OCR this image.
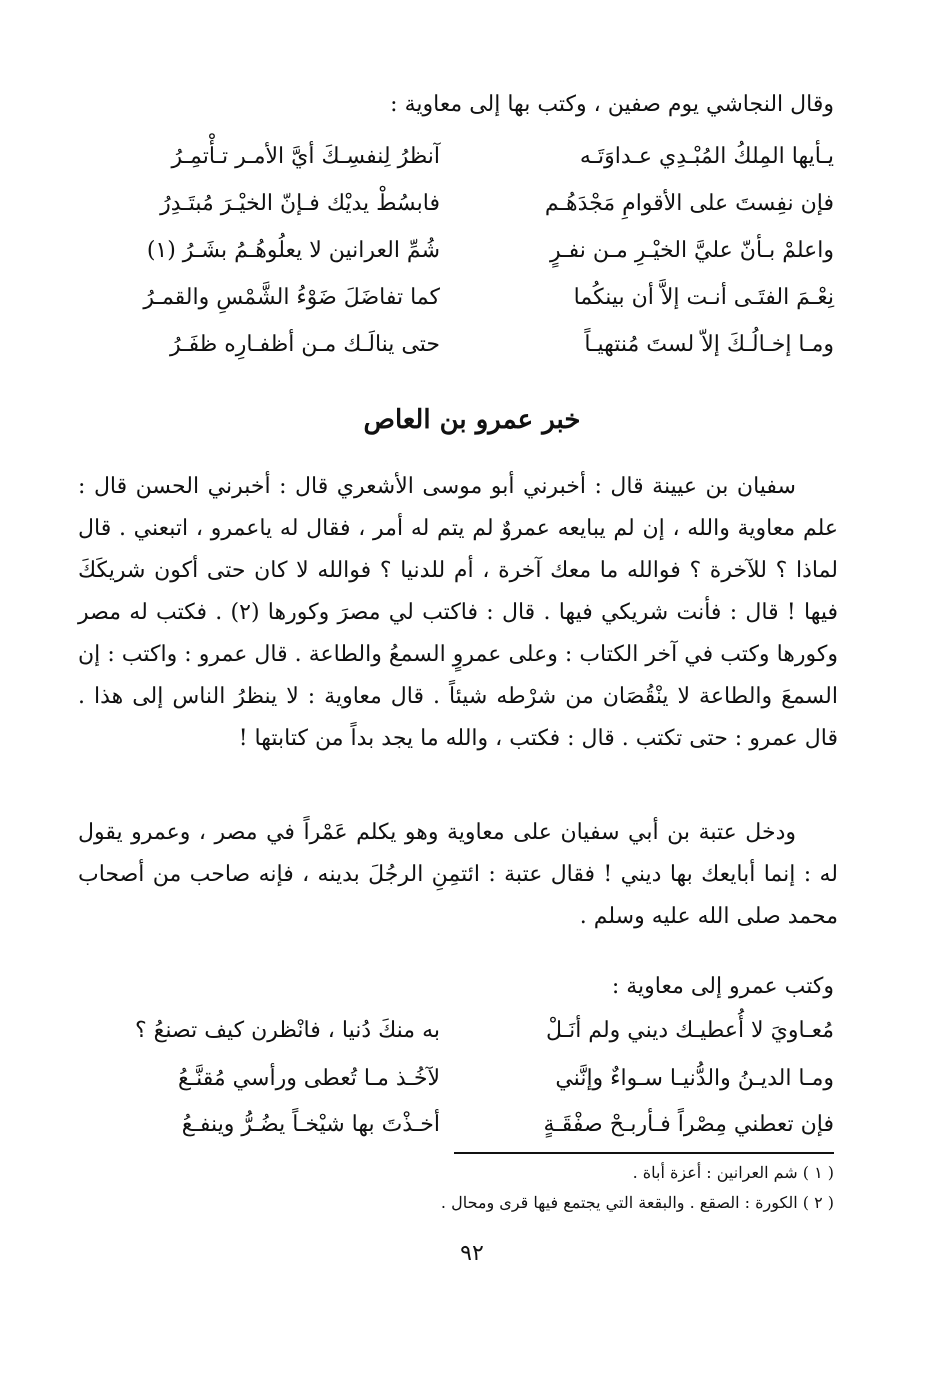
وقال النجاشي يوم صفين ، وكتب بها إلى معاوية :
يـأيها المِلكُ المُبْـدِي عـداوَتَـه
آنظرُ لِنفسِـكَ أيَّ الأمـر تـأْتمِـرُ
فإن نفِستَ على الأقوامِ مَجْدَهُـم
فابسُطْ يديْك فـإنّ الخيْـرَ مُبتَـدِرُ
واعلمْ بـأنّ عليَّ الخيْـرِ مـن نفـرٍ
شُمِّ العرانين لا يعلُوهُـمُ بشَـرُ (١)
نِعْـمَ الفتَـى أنـت إلاَّ أن بينكُما
كما تفاضَلَ ضَوْءُ الشَّمْسِ والقمـرُ
ومـا إخـالُـكَ إلاّ لستَ مُنتهيـاً
حتى ينالَـك مـن أظفـارِه ظفَـرُ
خبر عمرو بن العاص
سفيان بن عيينة قال : أخبرني أبو موسى الأشعري قال : أخبرني الحسن قال : علم معاوية والله ، إن لم يبايعه عمروٌ لم يتم له أمر ، فقال له ياعمرو ، اتبعني . قال لماذا ؟ للآخرة ؟ فوالله ما معك آخرة ، أم للدنيا ؟ فوالله لا كان حتى أكون شريكَكَ فيها ! قال : فأنت شريكي فيها . قال : فاكتب لي مصرَ وكورها (٢) . فكتب له مصر وكورها وكتب في آخر الكتاب : وعلى عمروٍ السمعُ والطاعة . قال عمرو : واكتب : إن السمعَ والطاعة لا ينْقُصَان من شرْطه شيئاً . قال معاوية : لا ينظرُ الناس إلى هذا . قال عمرو : حتى تكتب . قال : فكتب ، والله ما يجد بداً من كتابتها !
ودخل عتبة بن أبي سفيان على معاوية وهو يكلم عَمْراً في مصر ، وعمرو يقول له : إنما أبايعك بها ديني ! فقال عتبة : ائتمِنِ الرجُلَ بدينه ، فإنه صاحب من أصحاب محمد صلى الله عليه وسلم .
وكتب عمرو إلى معاوية :
مُعـاويَ لا أُعطيـك ديني ولم أنَـلْ
به منكَ دُنيا ، فانْظرن كيف تصنعُ ؟
ومـا الديـنُ والدُّنيـا سـواءٌ وإنَّني
لآخُـذ مـا تُعطى ورأسي مُقنَّـعُ
فإن تعطني مِصْراً فـأربـحْ صفْقَـةٍ
أخـذْتَ بها شيْخـاً يضُـرُّ وينفـعُ
( ١ ) شم العرانين : أعزة أباة .
( ٢ ) الكورة : الصقع . والبقعة التي يجتمع فيها قرى ومحال .
٩٢
